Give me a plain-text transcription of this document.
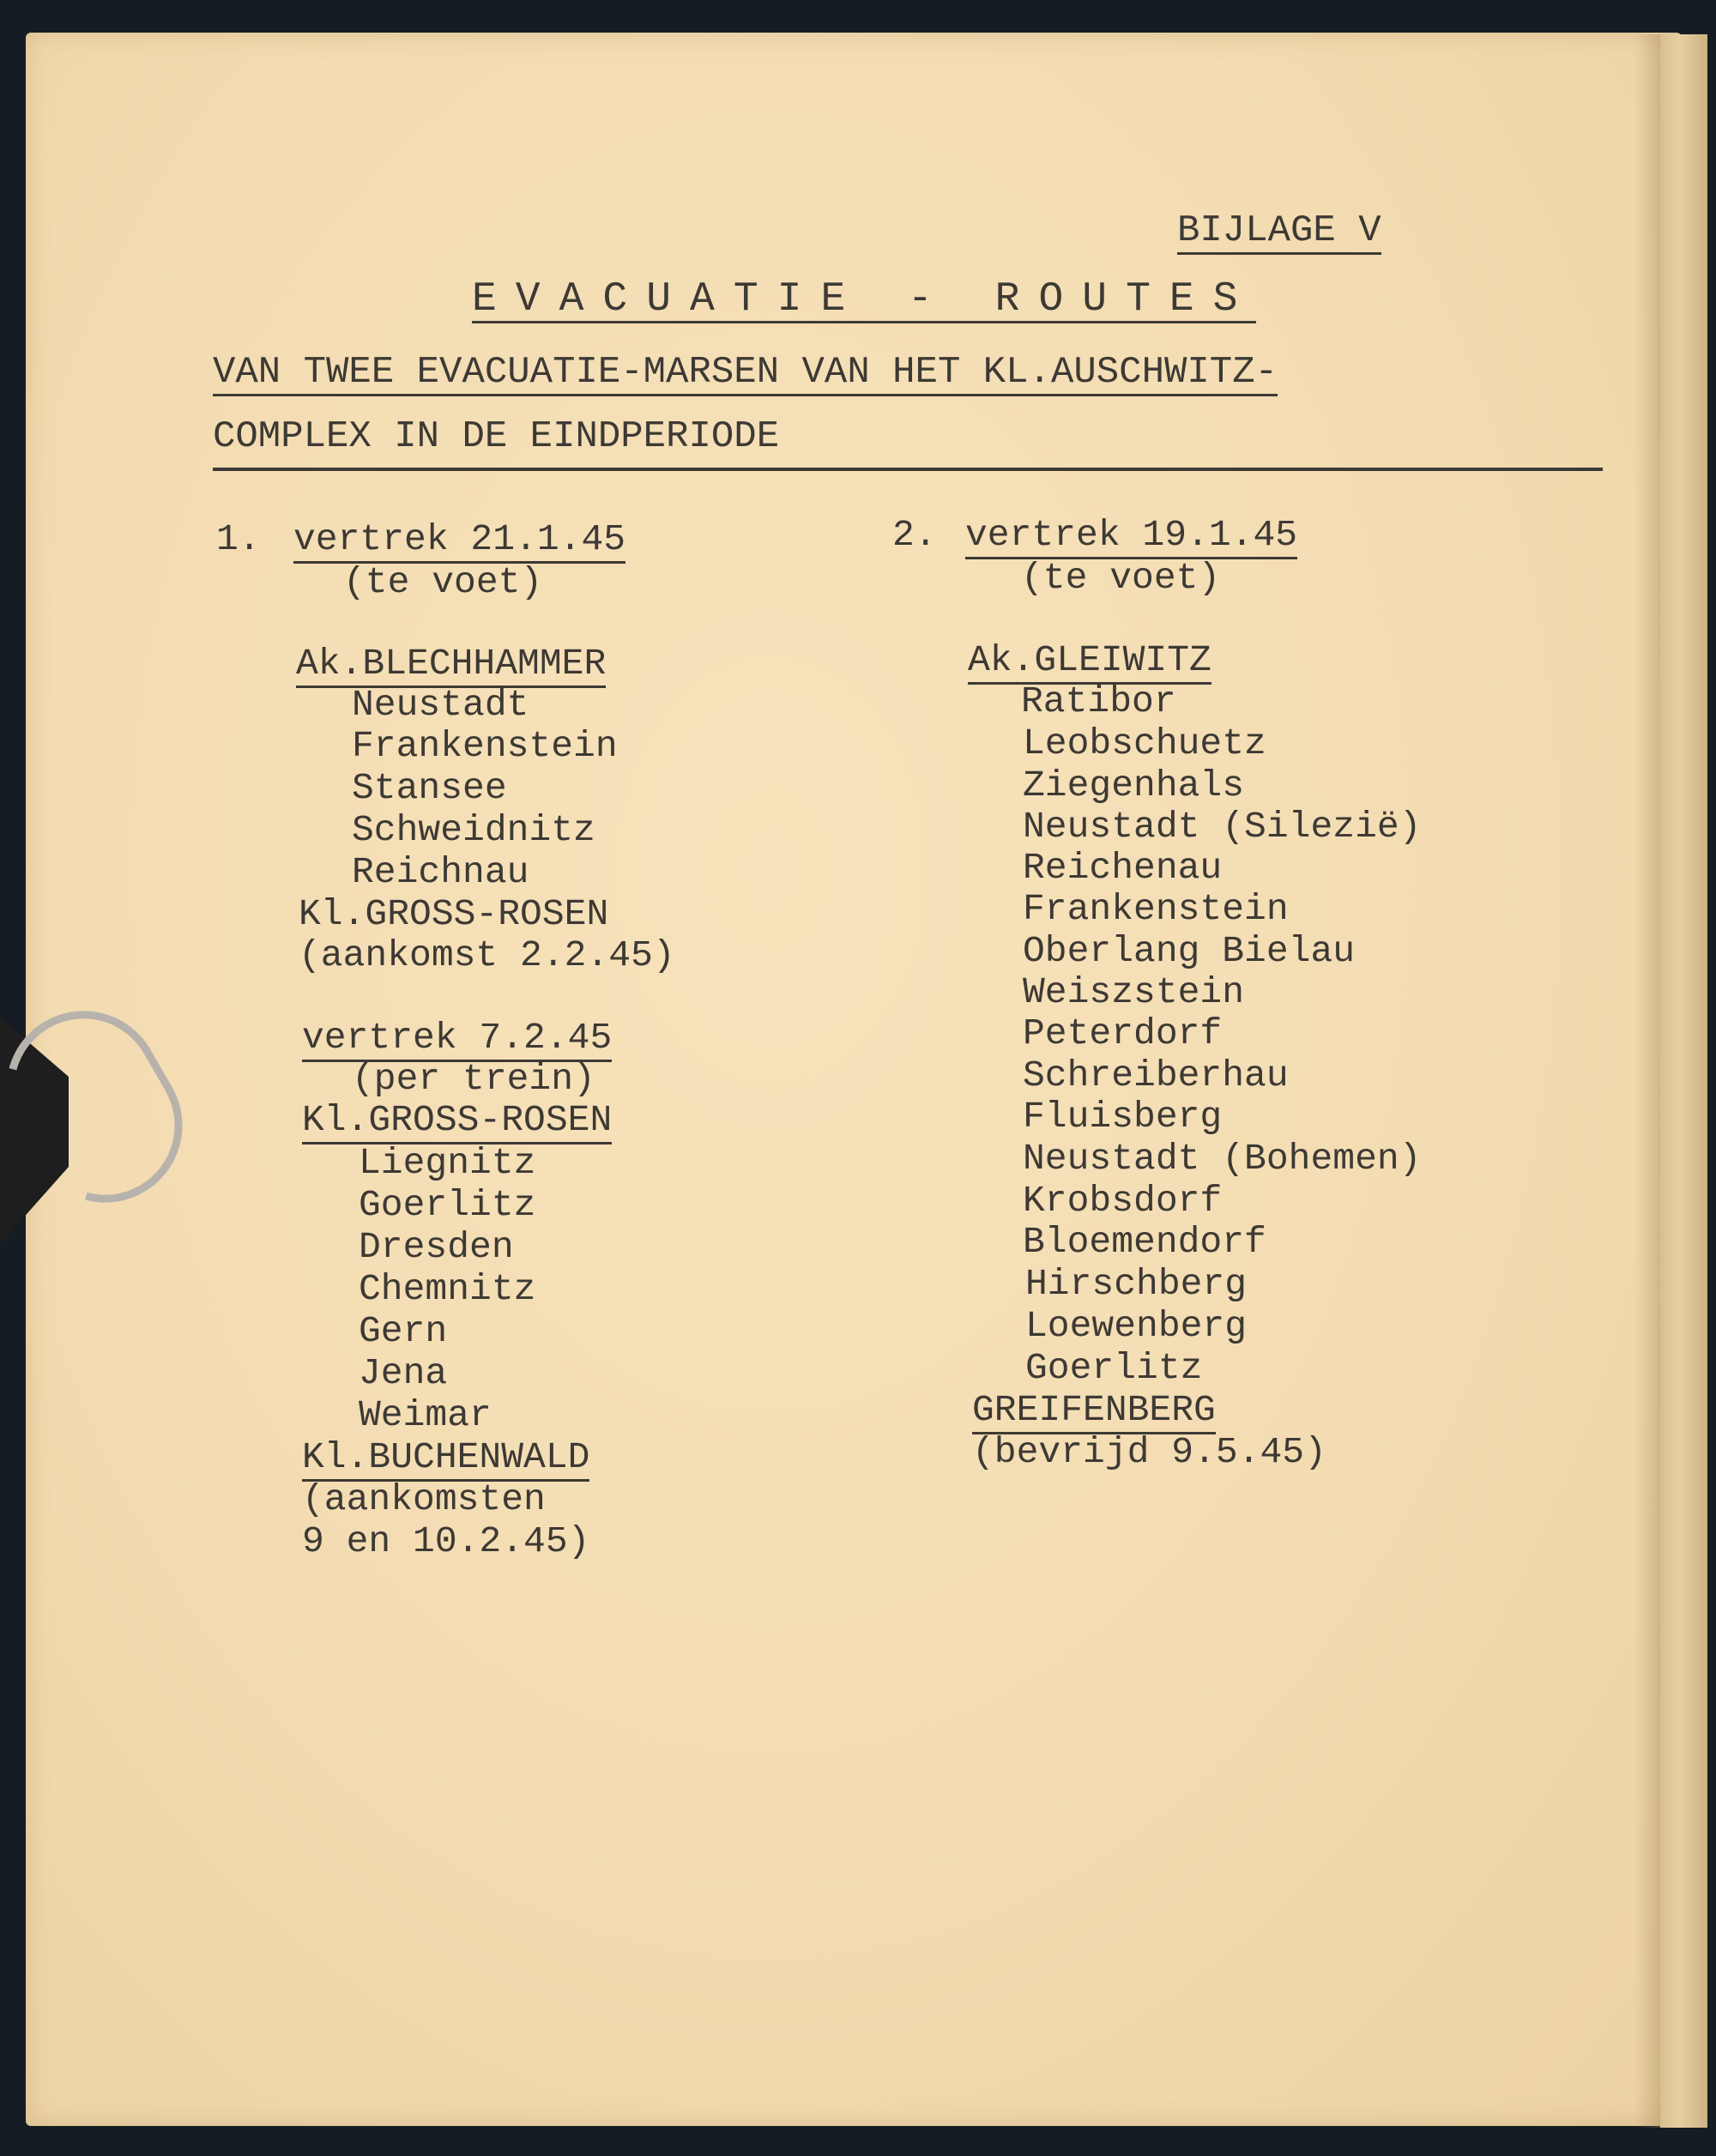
BIJLAGE V

EVACUATIE - ROUTES

VAN TWEE EVACUATIE-MARSEN VAN HET KL.AUSCHWITZ-

COMPLEX IN DE EINDPERIODE

1. vertrek 21.1.45

(te voet)

Ak.BLECHHAMMER

Neustadt

Frankenstein

Stansee

Schweidnitz

Reichnau

Kl.GROSS-ROSEN

(aankomst 2.2.45)

vertrek 7.2.45

(per trein)

Kl.GROSS-ROSEN

Liegnitz

Goerlitz

Dresden

Chemnitz

Gern

Jena

Weimar

Kl.BUCHENWALD

(aankomsten

9 en 10.2.45)

2. vertrek 19.1.45

(te voet)

Ak.GLEIWITZ

Ratibor

Leobschuetz

Ziegenhals

Neustadt (Silezië)

Reichenau

Frankenstein

Oberlang Bielau

Weiszstein

Peterdorf

Schreiberhau

Fluisberg

Neustadt (Bohemen)

Krobsdorf

Bloemendorf

Hirschberg

Loewenberg

Goerlitz

GREIFENBERG

(bevrijd 9.5.45)
